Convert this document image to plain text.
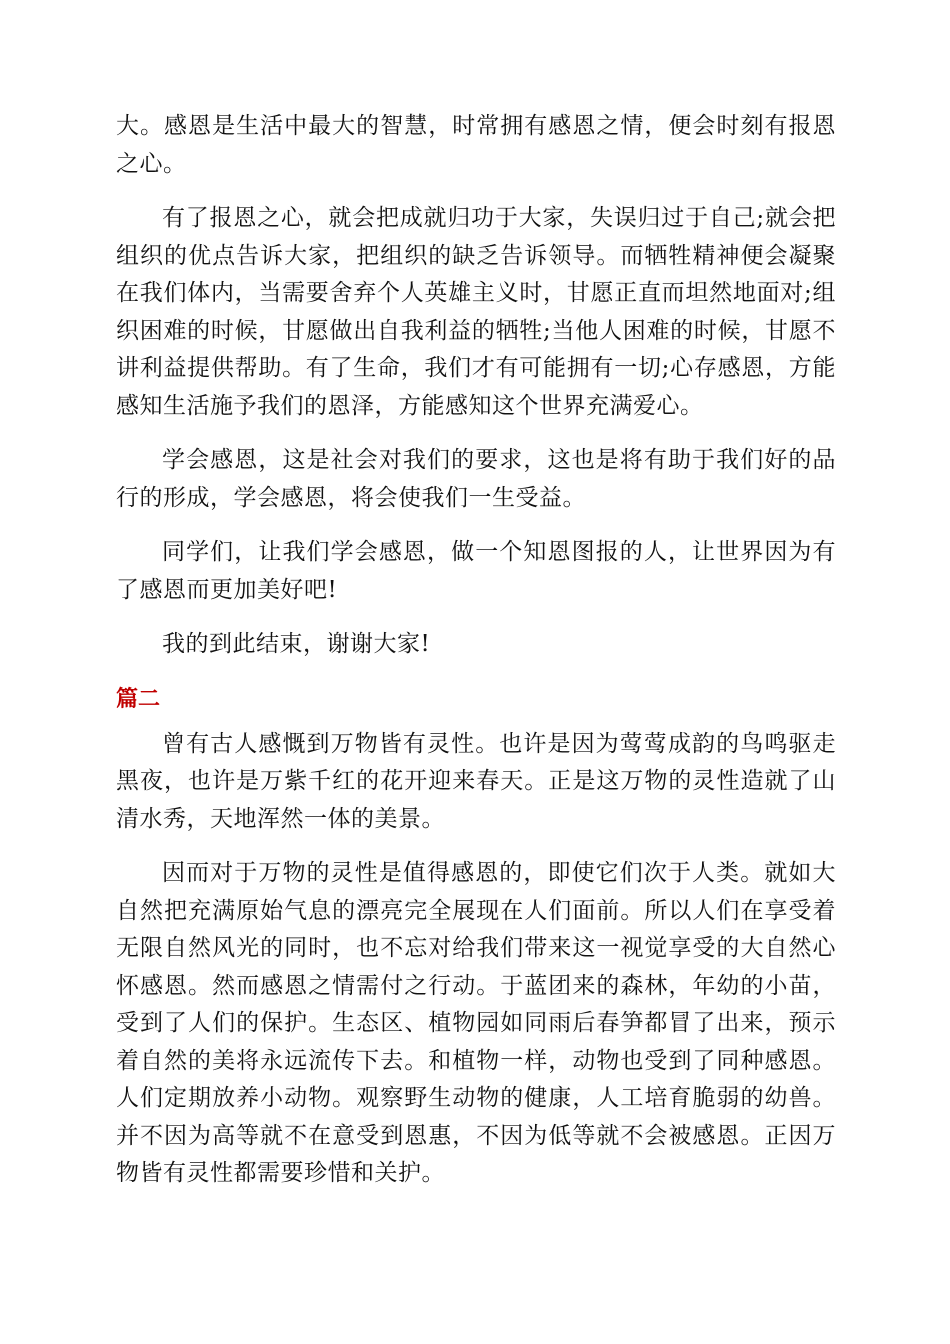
大。感恩是生活中最大的智慧，时常拥有感恩之情，便会时刻有报恩之心。

有了报恩之心，就会把成就归功于大家，失误归过于自己;就会把组织的优点告诉大家，把组织的缺乏告诉领导。而牺牲精神便会凝聚在我们体内，当需要舍弃个人英雄主义时，甘愿正直而坦然地面对;组织困难的时候，甘愿做出自我利益的牺牲;当他人困难的时候，甘愿不讲利益提供帮助。有了生命，我们才有可能拥有一切;心存感恩，方能感知生活施予我们的恩泽，方能感知这个世界充满爱心。

学会感恩，这是社会对我们的要求，这也是将有助于我们好的品行的形成，学会感恩，将会使我们一生受益。

同学们，让我们学会感恩，做一个知恩图报的人，让世界因为有了感恩而更加美好吧!

我的到此结束，谢谢大家!

篇二

曾有古人感慨到万物皆有灵性。也许是因为莺莺成韵的鸟鸣驱走黑夜，也许是万紫千红的花开迎来春天。正是这万物的灵性造就了山清水秀，天地浑然一体的美景。

因而对于万物的灵性是值得感恩的，即使它们次于人类。就如大自然把充满原始气息的漂亮完全展现在人们面前。所以人们在享受着无限自然风光的同时，也不忘对给我们带来这一视觉享受的大自然心怀感恩。然而感恩之情需付之行动。于蓝团来的森林，年幼的小苗，受到了人们的保护。生态区、植物园如同雨后春笋都冒了出来，预示着自然的美将永远流传下去。和植物一样，动物也受到了同种感恩。人们定期放养小动物。观察野生动物的健康，人工培育脆弱的幼兽。并不因为高等就不在意受到恩惠，不因为低等就不会被感恩。正因万物皆有灵性都需要珍惜和关护。
